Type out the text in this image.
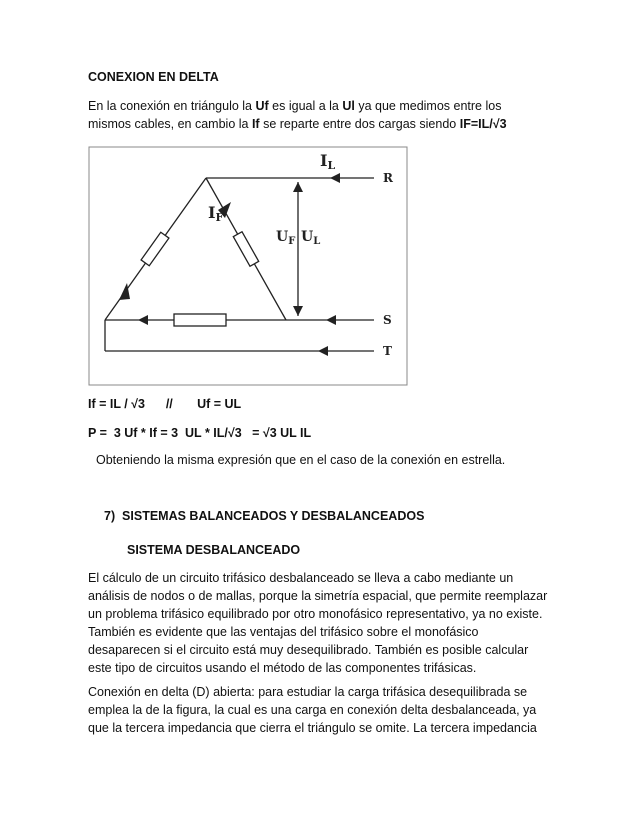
CONEXION EN DELTA
En la conexión en triángulo la Uf es igual a la Ul ya que medimos entre los
mismos cables, en cambio la If se reparte entre dos cargas siendo IF=IL/√3
IL
IF
$U_F$ $U_L$
R
S
T
If = IL / √3      //       Uf = UL
P =  3 Uf * If = 3  UL * IL/√3   = √3 UL IL
Obteniendo la misma expresión que en el caso de la conexión en estrella.
7)  SISTEMAS BALANCEADOS Y DESBALANCEADOS
SISTEMA DESBALANCEADO
El cálculo de un circuito trifásico desbalanceado se lleva a cabo mediante un
análisis de nodos o de mallas, porque la simetría espacial, que permite reemplazar
un problema trifásico equilibrado por otro monofásico representativo, ya no existe.
También es evidente que las ventajas del trifásico sobre el monofásico
desaparecen si el circuito está muy desequilibrado. También es posible calcular
este tipo de circuitos usando el método de las componentes trifásicas.
Conexión en delta (D) abierta: para estudiar la carga trifásica desequilibrada se
emplea la de la figura, la cual es una carga en conexión delta desbalanceada, ya
que la tercera impedancia que cierra el triángulo se omite. La tercera impedancia
